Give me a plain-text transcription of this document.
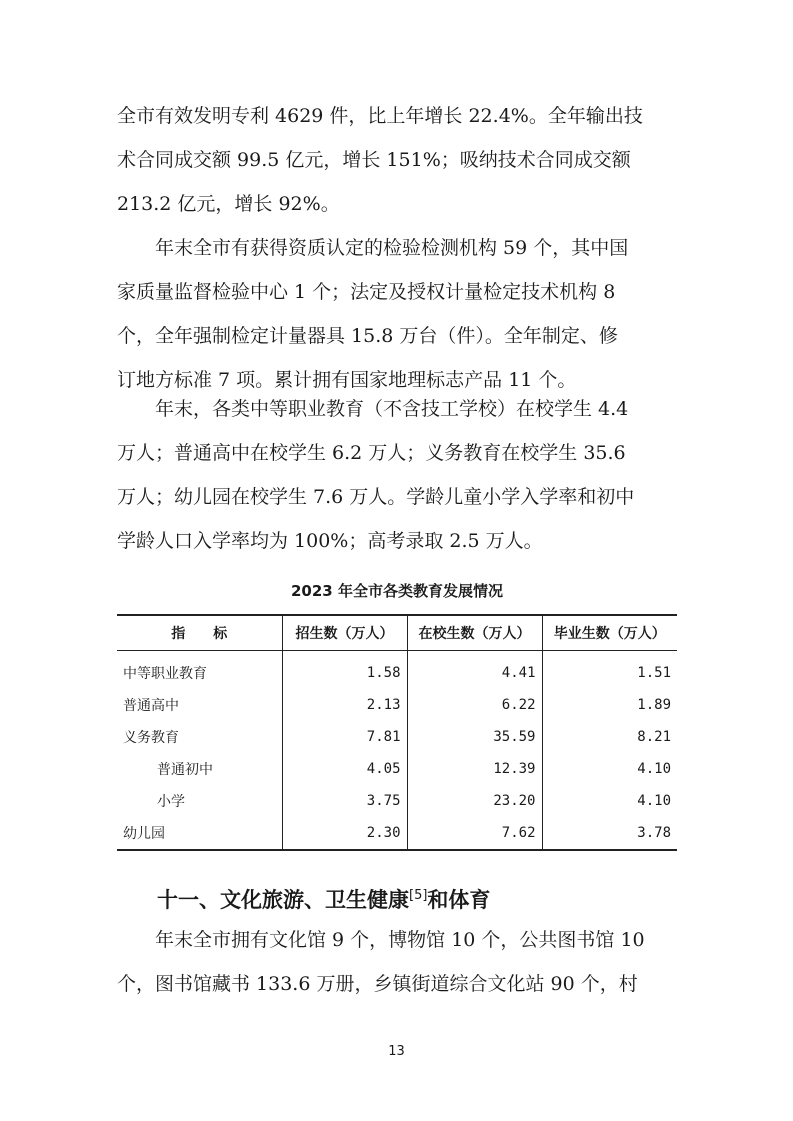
全市有效发明专利 4629 件，比上年增长 22.4%。全年输出技
术合同成交额 99.5 亿元，增长 151%；吸纳技术合同成交额
213.2 亿元，增长 92%。

　　年末全市有获得资质认定的检验检测机构 59 个，其中国
家质量监督检验中心 1 个；法定及授权计量检定技术机构 8
个，全年强制检定计量器具 15.8 万台（件）。全年制定、修
订地方标准 7 项。累计拥有国家地理标志产品 11 个。

　　年末，各类中等职业教育（不含技工学校）在校学生 4.4
万人；普通高中在校学生 6.2 万人；义务教育在校学生 35.6
万人；幼儿园在校学生 7.6 万人。学龄儿童小学入学率和初中
学龄人口入学率均为 100%；高考录取 2.5 万人。

2023 年全市各类教育发展情况
指　　标	招生数（万人）	在校生数（万人）	毕业生数（万人）
中等职业教育	1.58	4.41	1.51
普通高中	2.13	6.22	1.89
义务教育	7.81	35.59	8.21
普通初中	4.05	12.39	4.10
小学	3.75	23.20	4.10
幼儿园	2.30	7.62	3.78
十一、文化旅游、卫生健康[5]和体育

　　年末全市拥有文化馆 9 个，博物馆 10 个，公共图书馆 10
个，图书馆藏书 133.6 万册，乡镇街道综合文化站 90 个，村

13
